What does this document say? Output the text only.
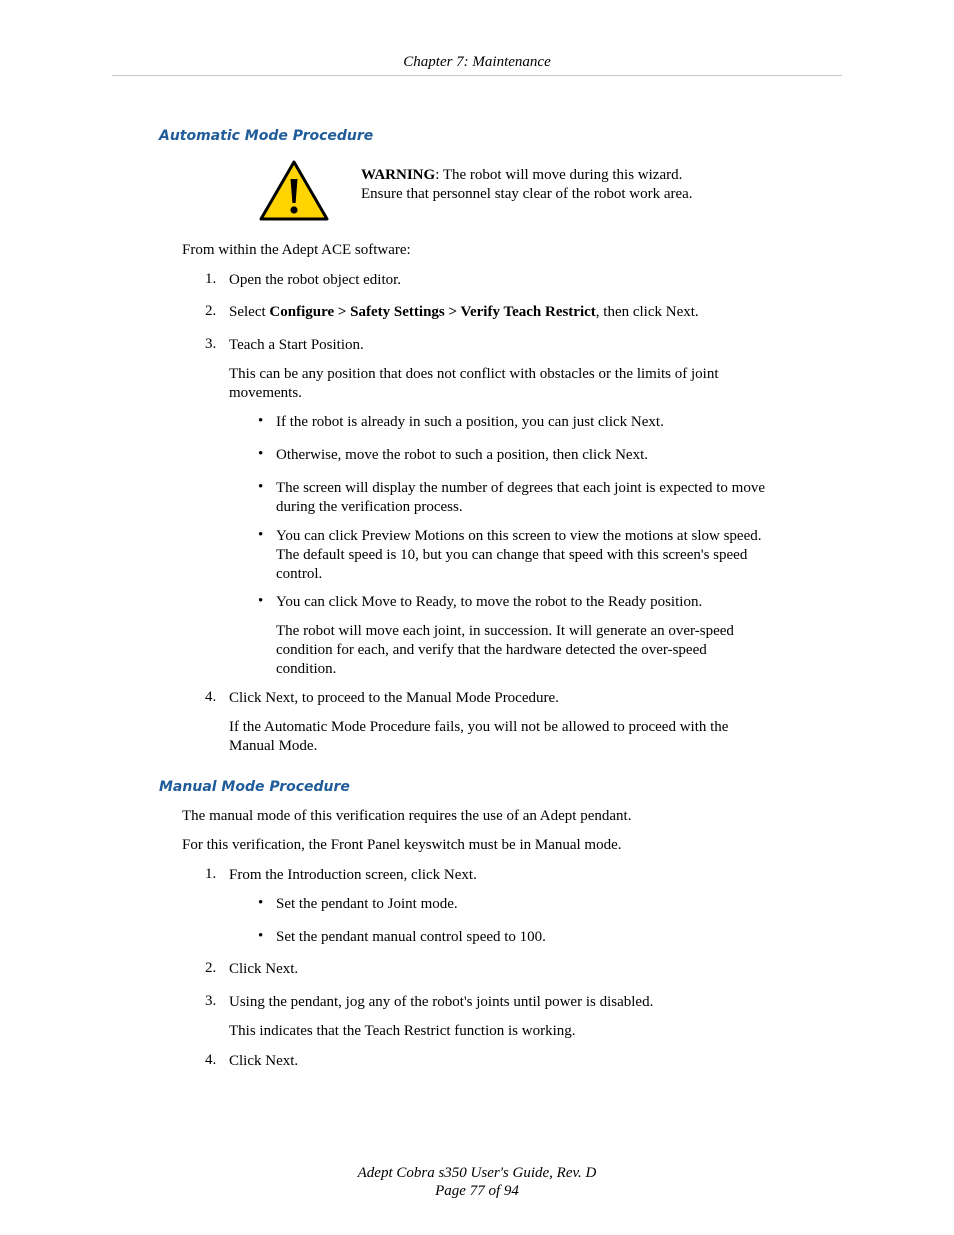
Chapter 7: Maintenance

Automatic Mode Procedure

WARNING: The robot will move during this wizard.
Ensure that personnel stay clear of the robot work area.

From within the Adept ACE software:

1. Open the robot object editor.

2. Select Configure > Safety Settings > Verify Teach Restrict, then click Next.

3. Teach a Start Position.

This can be any position that does not conflict with obstacles or the limits of joint
movements.

• If the robot is already in such a position, you can just click Next.

• Otherwise, move the robot to such a position, then click Next.

• The screen will display the number of degrees that each joint is expected to move
during the verification process.

• You can click Preview Motions on this screen to view the motions at slow speed.
The default speed is 10, but you can change that speed with this screen's speed
control.

• You can click Move to Ready, to move the robot to the Ready position.

The robot will move each joint, in succession. It will generate an over-speed
condition for each, and verify that the hardware detected the over-speed
condition.

4. Click Next, to proceed to the Manual Mode Procedure.

If the Automatic Mode Procedure fails, you will not be allowed to proceed with the
Manual Mode.

Manual Mode Procedure

The manual mode of this verification requires the use of an Adept pendant.

For this verification, the Front Panel keyswitch must be in Manual mode.

1. From the Introduction screen, click Next.

• Set the pendant to Joint mode.

• Set the pendant manual control speed to 100.

2. Click Next.

3. Using the pendant, jog any of the robot's joints until power is disabled.

This indicates that the Teach Restrict function is working.

4. Click Next.

Adept Cobra s350 User's Guide, Rev. D

Page 77 of 94
